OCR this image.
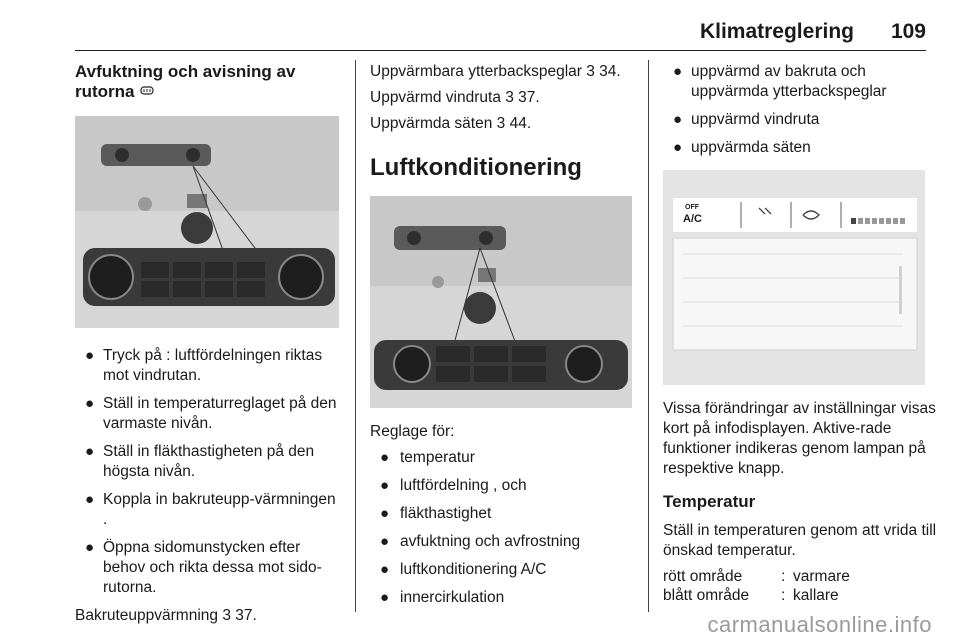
Klimatreglering 109
Avfuktning och avisning av rutorna
● Tryck på : luftfördelningen riktas mot vindrutan.
● Ställ in temperaturreglaget på den varmaste nivån.
● Ställ in fläkthastigheten på den högsta nivån.
● Koppla in bakruteupp-värmningen .
● Öppna sidomunstycken efter behov och rikta dessa mot sido-rutorna.
Bakruteuppvärmning 3 37.
Uppvärmbara ytterbackspeglar 3 34.
Uppvärmd vindruta 3 37.
Uppvärmda säten 3 44.
Luftkonditionering
Reglage för:
● temperatur
● luftfördelning , och
● fläkthastighet
● avfuktning och avfrostning
● luftkonditionering A/C
● innercirkulation
● uppvärmd av bakruta och uppvärmda ytterbackspeglar
● uppvärmd vindruta
● uppvärmda säten
OFF
A/C
Vissa förändringar av inställningar visas kort på infodisplayen. Aktive-rade funktioner indikeras genom lampan på respektive knapp.
Temperatur
Ställ in temperaturen genom att vrida till önskad temperatur.
rött område	: varmare
blått område	: kallare
carmanualsonline.info
